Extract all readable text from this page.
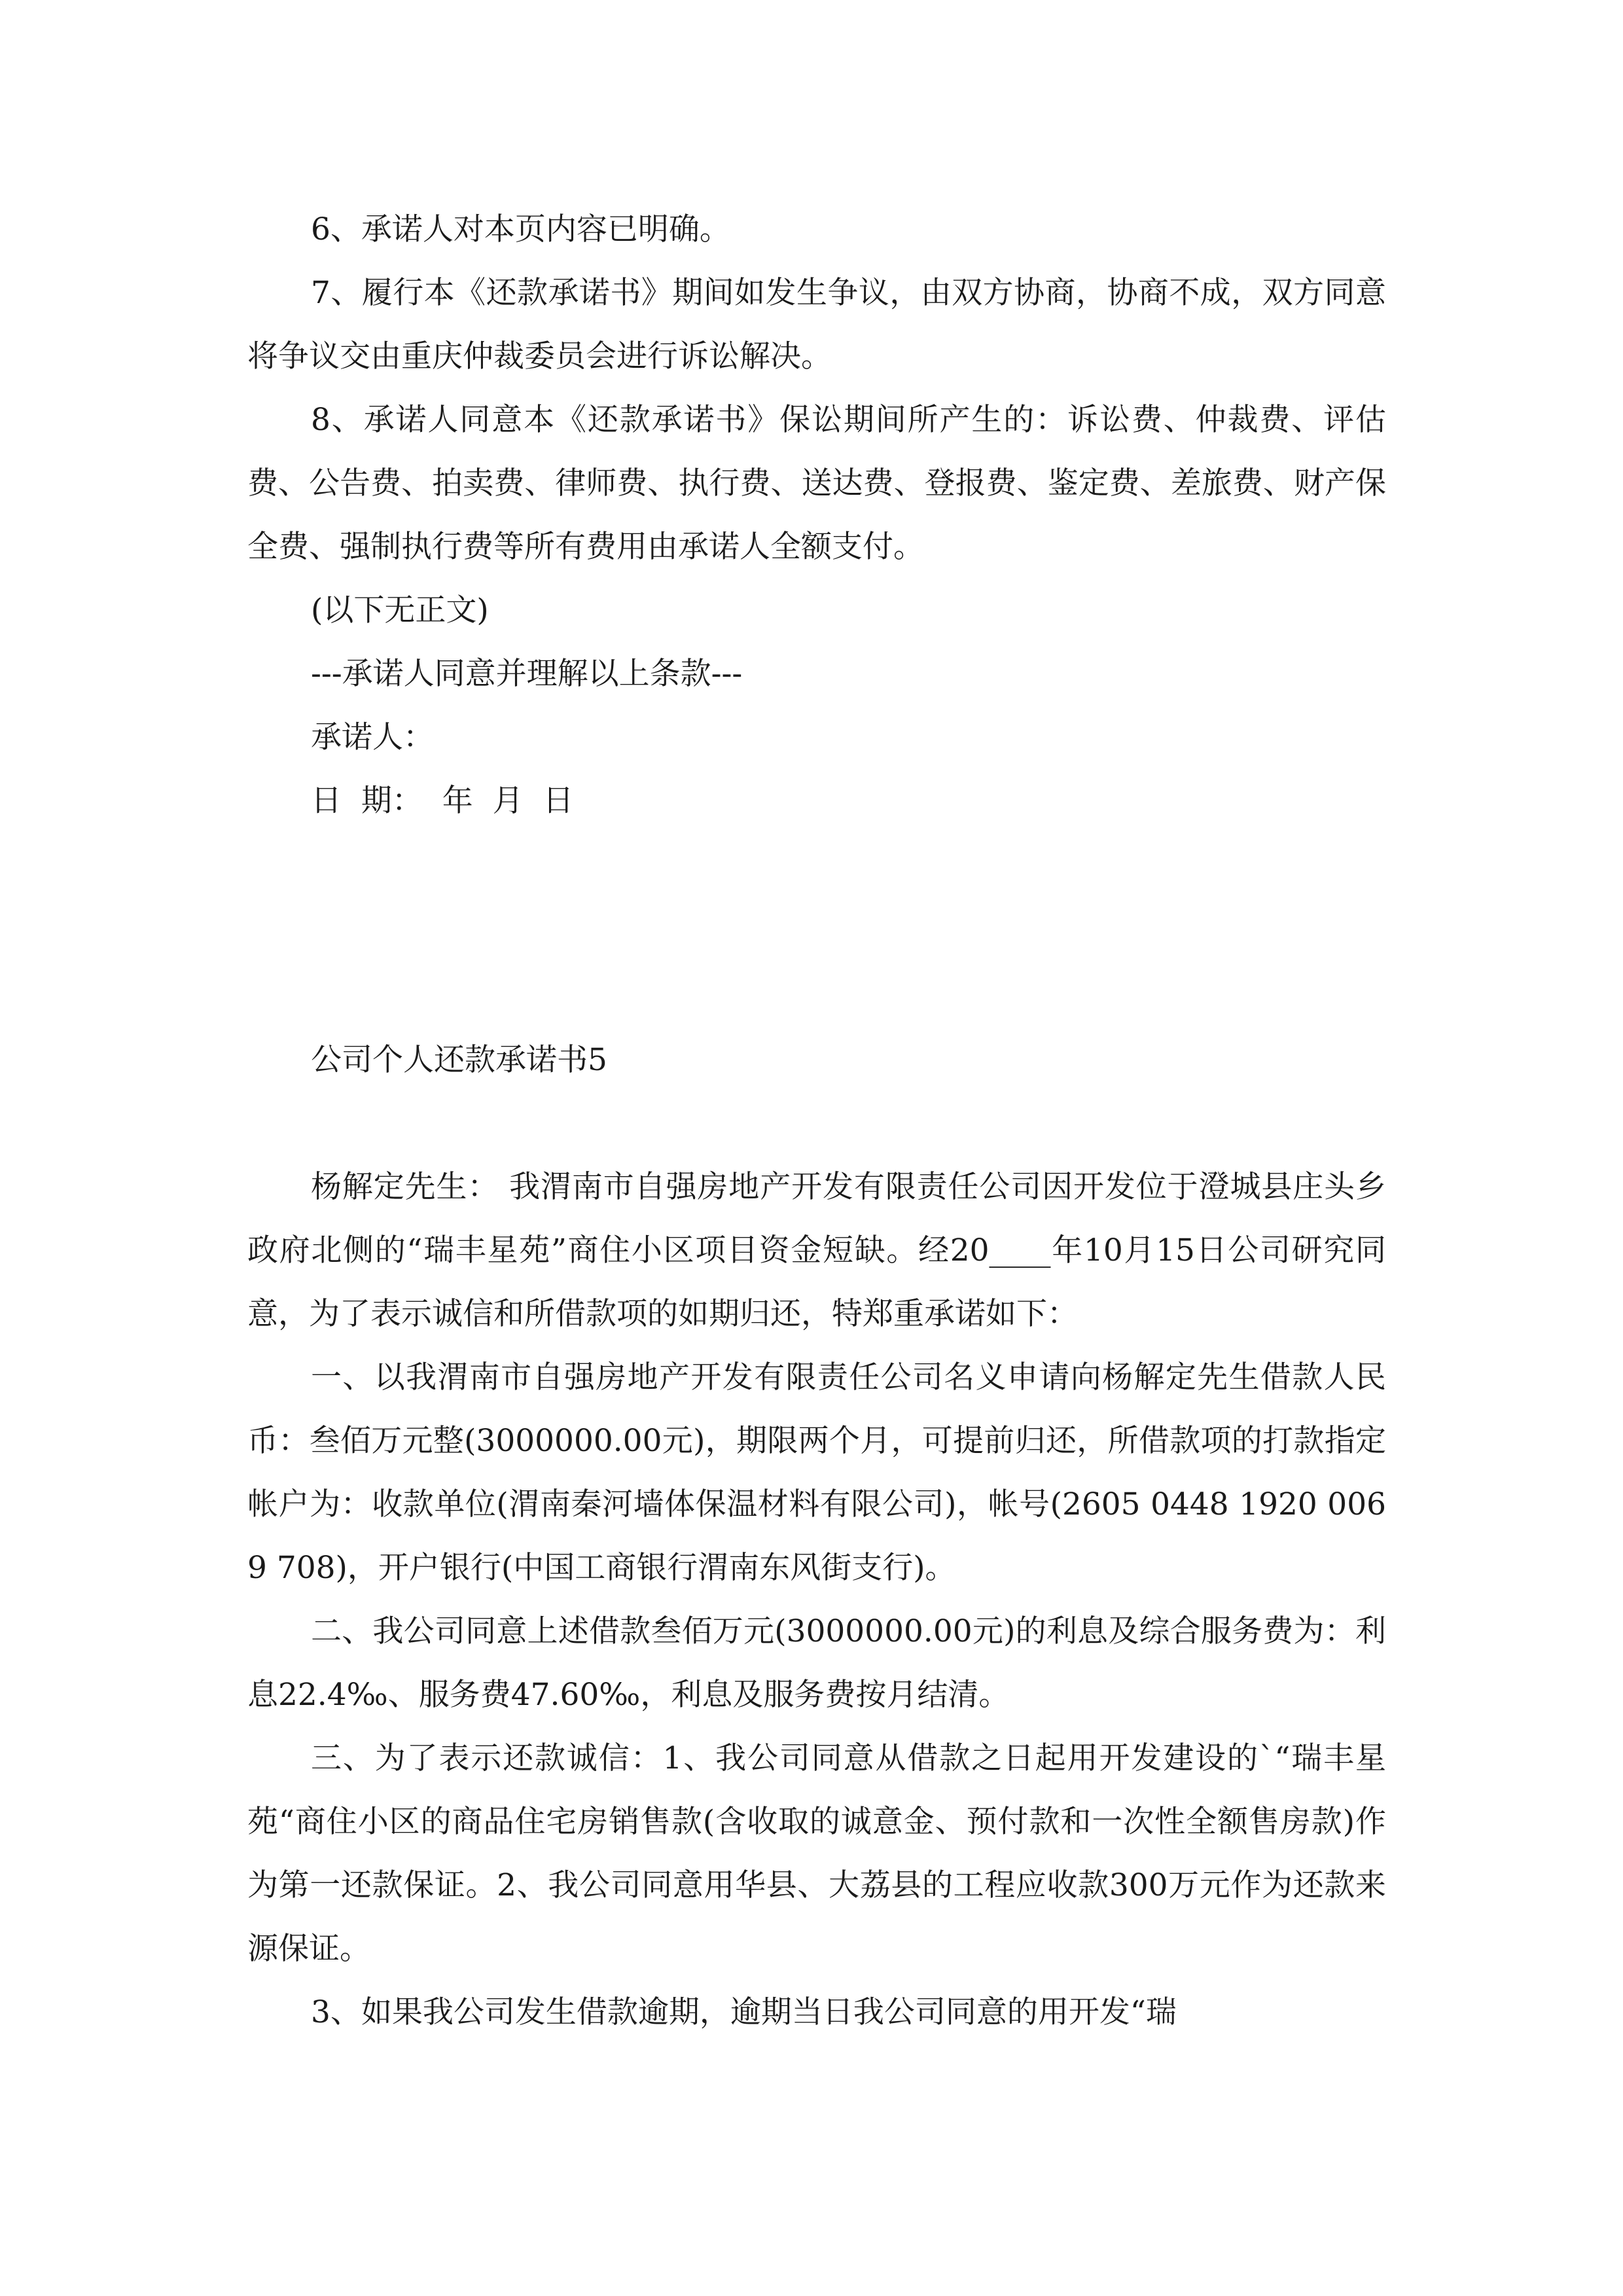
6、承诺人对本页内容已明确。

7、履行本《还款承诺书》期间如发生争议，由双方协商，协商不成，双方同意将争议交由重庆仲裁委员会进行诉讼解决。

8、承诺人同意本《还款承诺书》保讼期间所产生的：诉讼费、仲裁费、评估费、公告费、拍卖费、律师费、执行费、送达费、登报费、鉴定费、差旅费、财产保全费、强制执行费等所有费用由承诺人全额支付。

(以下无正文)

---承诺人同意并理解以上条款---

承诺人：

日  期：  年  月  日

公司个人还款承诺书5

杨解定先生： 我渭南市自强房地产开发有限责任公司因开发位于澄城县庄头乡政府北侧的“瑞丰星苑”商住小区项目资金短缺。经20____年10月15日公司研究同意，为了表示诚信和所借款项的如期归还，特郑重承诺如下：

一、以我渭南市自强房地产开发有限责任公司名义申请向杨解定先生借款人民币：叁佰万元整(3000000.00元)，期限两个月，可提前归还，所借款项的打款指定帐户为：收款单位(渭南秦河墙体保温材料有限公司)，帐号(2605 0448 1920 0069 708)，开户银行(中国工商银行渭南东风街支行)。

二、我公司同意上述借款叁佰万元(3000000.00元)的利息及综合服务费为：利息22.4‰、服务费47.60‰，利息及服务费按月结清。

三、为了表示还款诚信：1、我公司同意从借款之日起用开发建设的`“瑞丰星苑“商住小区的商品住宅房销售款(含收取的诚意金、预付款和一次性全额售房款)作为第一还款保证。2、我公司同意用华县、大荔县的工程应收款300万元作为还款来源保证。

3、如果我公司发生借款逾期，逾期当日我公司同意的用开发“瑞
